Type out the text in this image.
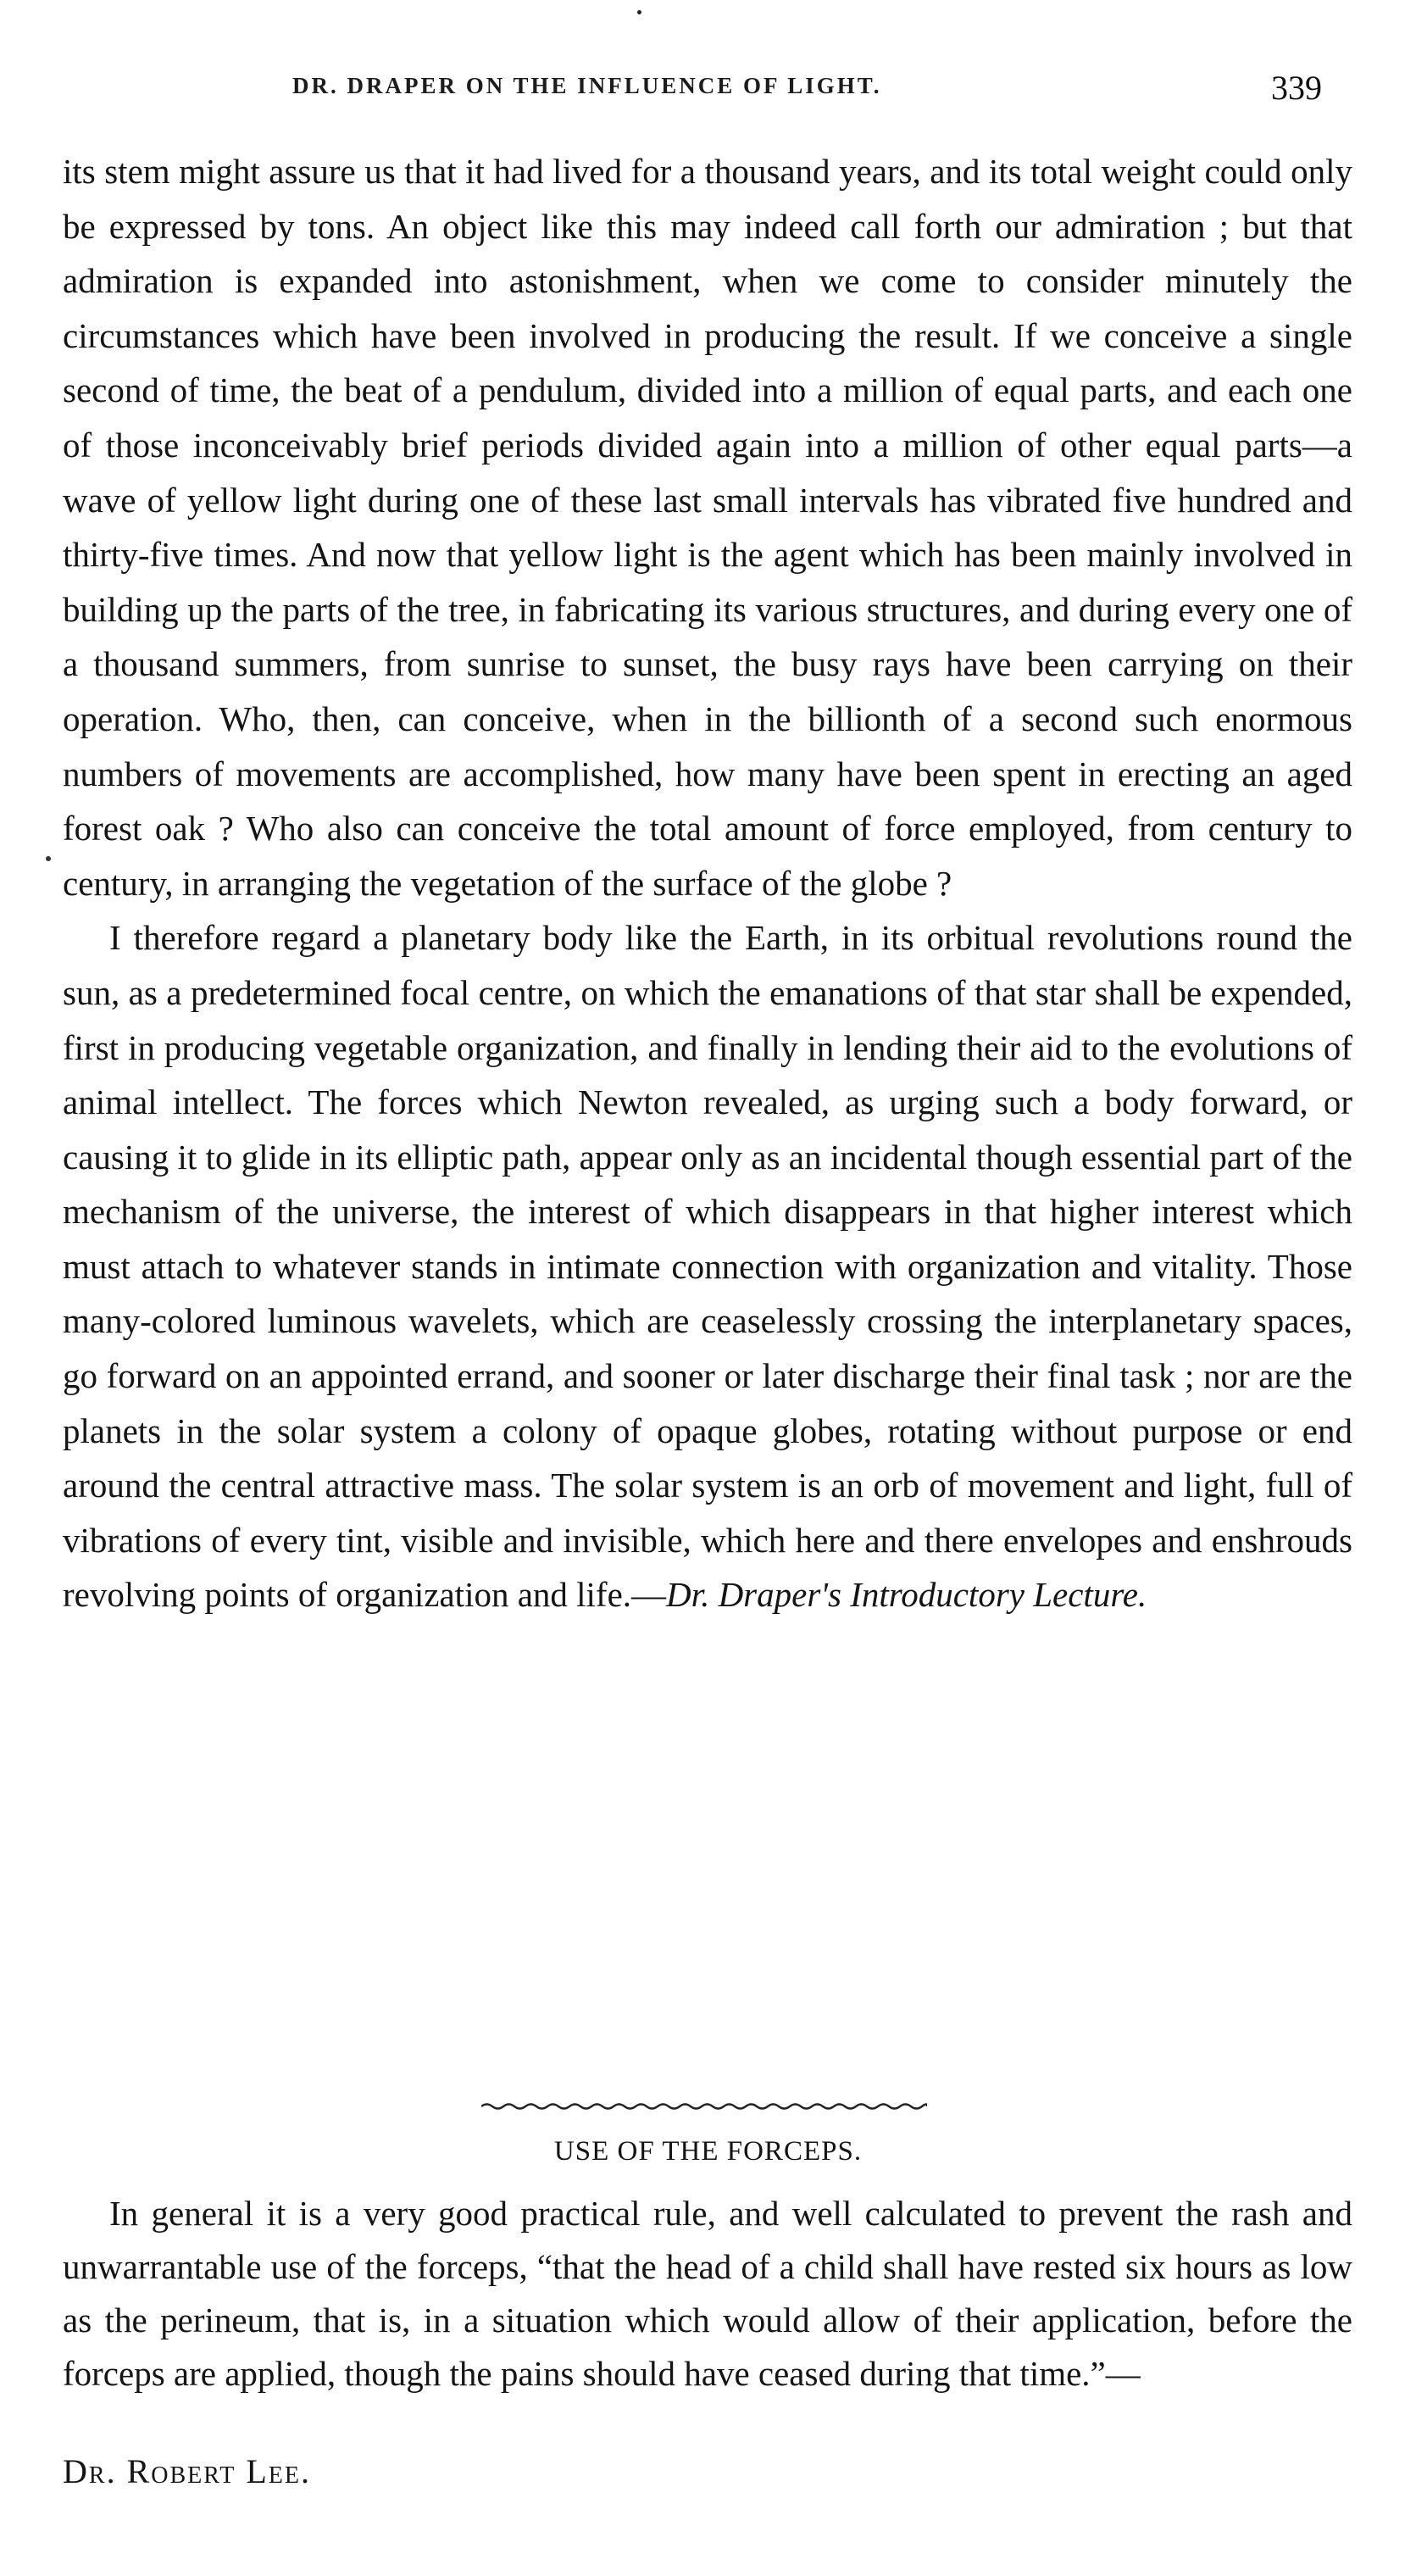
DR. DRAPER ON THE INFLUENCE OF LIGHT.	339

its stem might assure us that it had lived for a thousand years, and its total weight could only be expressed by tons. An object like this may indeed call forth our admiration ; but that admiration is expanded into astonishment, when we come to consider minutely the circumstances which have been involved in producing the result. If we conceive a single second of time, the beat of a pendulum, divided into a million of equal parts, and each one of those inconceivably brief periods divided again into a million of other equal parts—a wave of yellow light during one of these last small intervals has vibrated five hundred and thirty-five times. And now that yellow light is the agent which has been mainly involved in building up the parts of the tree, in fabricating its various structures, and during every one of a thousand summers, from sunrise to sunset, the busy rays have been carrying on their operation. Who, then, can conceive, when in the billionth of a second such enormous numbers of movements are accomplished, how many have been spent in erecting an aged forest oak ? Who also can conceive the total amount of force employed, from century to century, in arranging the vegetation of the surface of the globe ?

I therefore regard a planetary body like the Earth, in its orbitual revolutions round the sun, as a predetermined focal centre, on which the emanations of that star shall be expended, first in producing vegetable organization, and finally in lending their aid to the evolutions of animal intellect. The forces which Newton revealed, as urging such a body forward, or causing it to glide in its elliptic path, appear only as an incidental though essential part of the mechanism of the universe, the interest of which disappears in that higher interest which must attach to whatever stands in intimate connection with organization and vitality. Those many-colored luminous wavelets, which are ceaselessly crossing the interplanetary spaces, go forward on an appointed errand, and sooner or later discharge their final task ; nor are the planets in the solar system a colony of opaque globes, rotating without purpose or end around the central attractive mass. The solar system is an orb of movement and light, full of vibrations of every tint, visible and invisible, which here and there envelopes and enshrouds revolving points of organization and life.—Dr. Draper's Introductory Lecture.

USE OF THE FORCEPS.

In general it is a very good practical rule, and well calculated to prevent the rash and unwarrantable use of the forceps, “that the head of a child shall have rested six hours as low as the perineum, that is, in a situation which would allow of their application, before the forceps are applied, though the pains should have ceased during that time.”—

Dr. Robert Lee.
